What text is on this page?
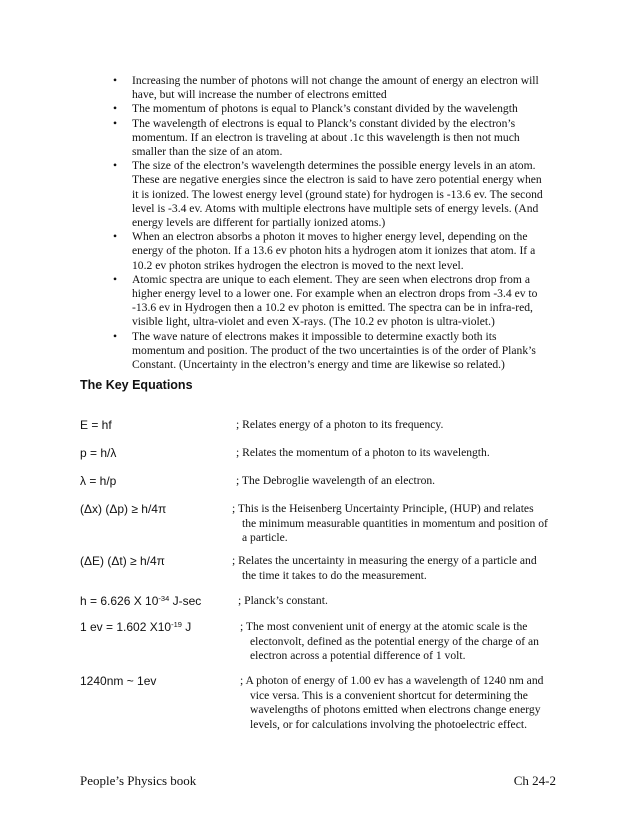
• Increasing the number of photons will not change the amount of energy an electron will have, but will increase the number of electrons emitted
• The momentum of photons is equal to Planck’s constant divided by the wavelength
• The wavelength of electrons is equal to Planck’s constant divided by the electron’s momentum. If an electron is traveling at about .1c this wavelength is then not much smaller than the size of an atom.
• The size of the electron’s wavelength determines the possible energy levels in an atom. These are negative energies since the electron is said to have zero potential energy when it is ionized. The lowest energy level (ground state) for hydrogen is -13.6 ev. The second level is -3.4 ev. Atoms with multiple electrons have multiple sets of energy levels. (And energy levels are different for partially ionized atoms.)
• When an electron absorbs a photon it moves to higher energy level, depending on the energy of the photon. If a 13.6 ev photon hits a hydrogen atom it ionizes that atom. If a 10.2 ev photon strikes hydrogen the electron is moved to the next level.
• Atomic spectra are unique to each element. They are seen when electrons drop from a higher energy level to a lower one. For example when an electron drops from -3.4 ev to -13.6 ev in Hydrogen then a 10.2 ev photon is emitted. The spectra can be in infra-red, visible light, ultra-violet and even X-rays. (The 10.2 ev photon is ultra-violet.)
• The wave nature of electrons makes it impossible to determine exactly both its momentum and position. The product of the two uncertainties is of the order of Plank’s Constant. (Uncertainty in the electron’s energy and time are likewise so related.)
The Key Equations
E = hf	; Relates energy of a photon to its frequency.
p = h/λ	; Relates the momentum of a photon to its wavelength.
λ = h/p	; The Debroglie wavelength of an electron.
(Δx) (Δp) ≥ h/4π	; This is the Heisenberg Uncertainty Principle, (HUP) and relates
the minimum measurable quantities in momentum and position of a particle.
(ΔE) (Δt) ≥ h/4π	; Relates the uncertainty in measuring the energy of a particle and
the time it takes to do the measurement.
h = 6.626 X $10^{-34}$ J-sec	; Planck’s constant.
1 ev = 1.602 $X10^{-19}$ J	; The most convenient unit of energy at the atomic scale is the
electonvolt, defined as the potential energy of the charge of an electron across a potential difference of 1 volt.
1240nm ~ 1ev	; A photon of energy of 1.00 ev has a wavelength of 1240 nm and
vice versa. This is a convenient shortcut for determining the wavelengths of photons emitted when electrons change energy levels, or for calculations involving the photoelectric effect.
People’s Physics book	Ch 24-2
